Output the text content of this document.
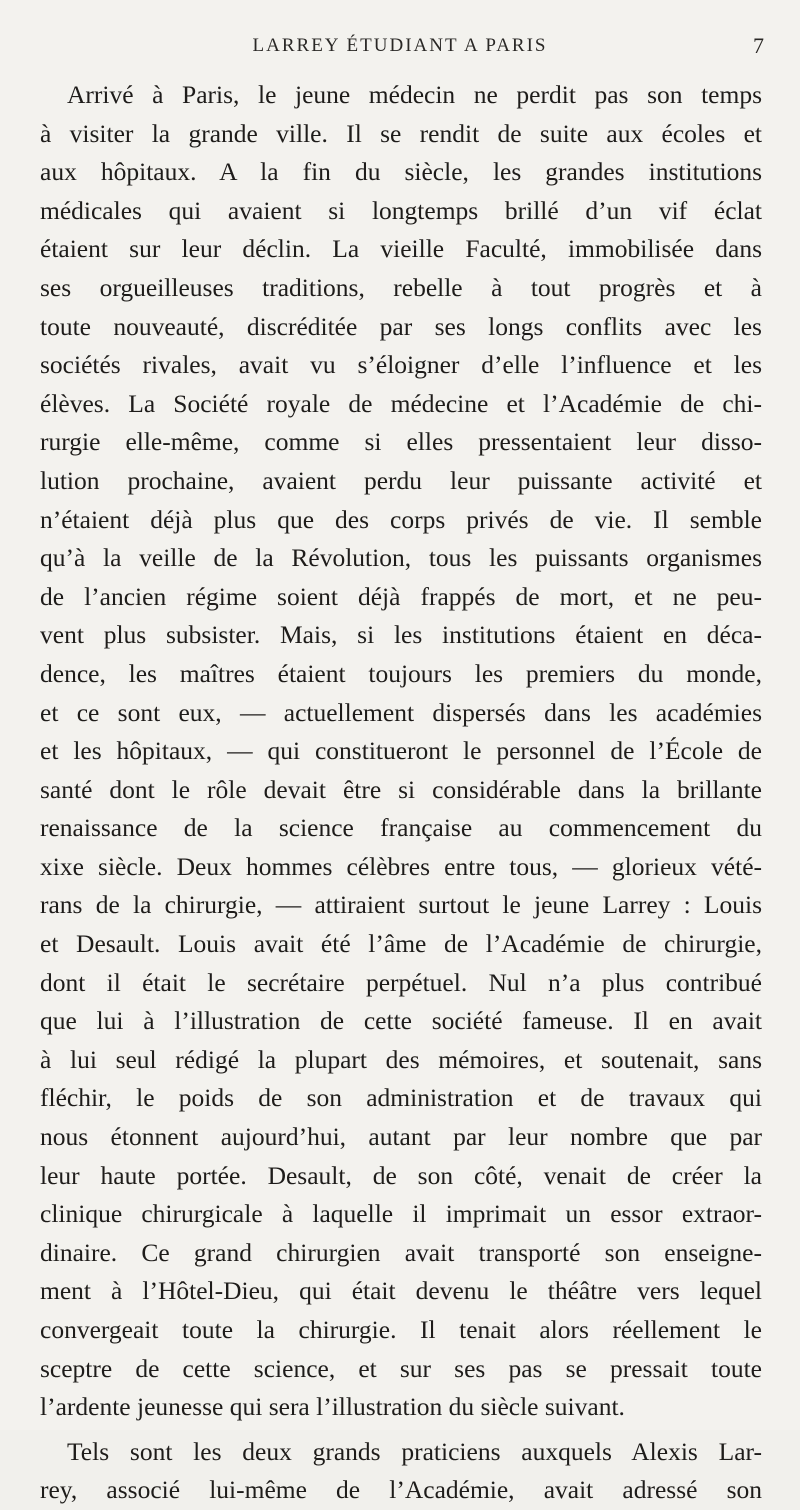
LARREY ÉTUDIANT A PARIS	7
Arrivé à Paris, le jeune médecin ne perdit pas son temps
à visiter la grande ville. Il se rendit de suite aux écoles et
aux hôpitaux. A la fin du siècle, les grandes institutions
médicales qui avaient si longtemps brillé d’un vif éclat
étaient sur leur déclin. La vieille Faculté, immobilisée dans
ses orgueilleuses traditions, rebelle à tout progrès et à
toute nouveauté, discréditée par ses longs conflits avec les
sociétés rivales, avait vu s’éloigner d’elle l’influence et les
élèves. La Société royale de médecine et l’Académie de chi-
rurgie elle-même, comme si elles pressentaient leur disso-
lution prochaine, avaient perdu leur puissante activité et
n’étaient déjà plus que des corps privés de vie. Il semble
qu’à la veille de la Révolution, tous les puissants organismes
de l’ancien régime soient déjà frappés de mort, et ne peu-
vent plus subsister. Mais, si les institutions étaient en déca-
dence, les maîtres étaient toujours les premiers du monde,
et ce sont eux, — actuellement dispersés dans les académies
et les hôpitaux, — qui constitueront le personnel de l’École de
santé dont le rôle devait être si considérable dans la brillante
renaissance de la science française au commencement du
xixe siècle. Deux hommes célèbres entre tous, — glorieux vété-
rans de la chirurgie, — attiraient surtout le jeune Larrey : Louis
et Desault. Louis avait été l’âme de l’Académie de chirurgie,
dont il était le secrétaire perpétuel. Nul n’a plus contribué
que lui à l’illustration de cette société fameuse. Il en avait
à lui seul rédigé la plupart des mémoires, et soutenait, sans
fléchir, le poids de son administration et de travaux qui
nous étonnent aujourd’hui, autant par leur nombre que par
leur haute portée. Desault, de son côté, venait de créer la
clinique chirurgicale à laquelle il imprimait un essor extraor-
dinaire. Ce grand chirurgien avait transporté son enseigne-
ment à l’Hôtel-Dieu, qui était devenu le théâtre vers lequel
convergeait toute la chirurgie. Il tenait alors réellement le
sceptre de cette science, et sur ses pas se pressait toute
l’ardente jeunesse qui sera l’illustration du siècle suivant.
Tels sont les deux grands praticiens auxquels Alexis Lar-
rey, associé lui-même de l’Académie, avait adressé son
